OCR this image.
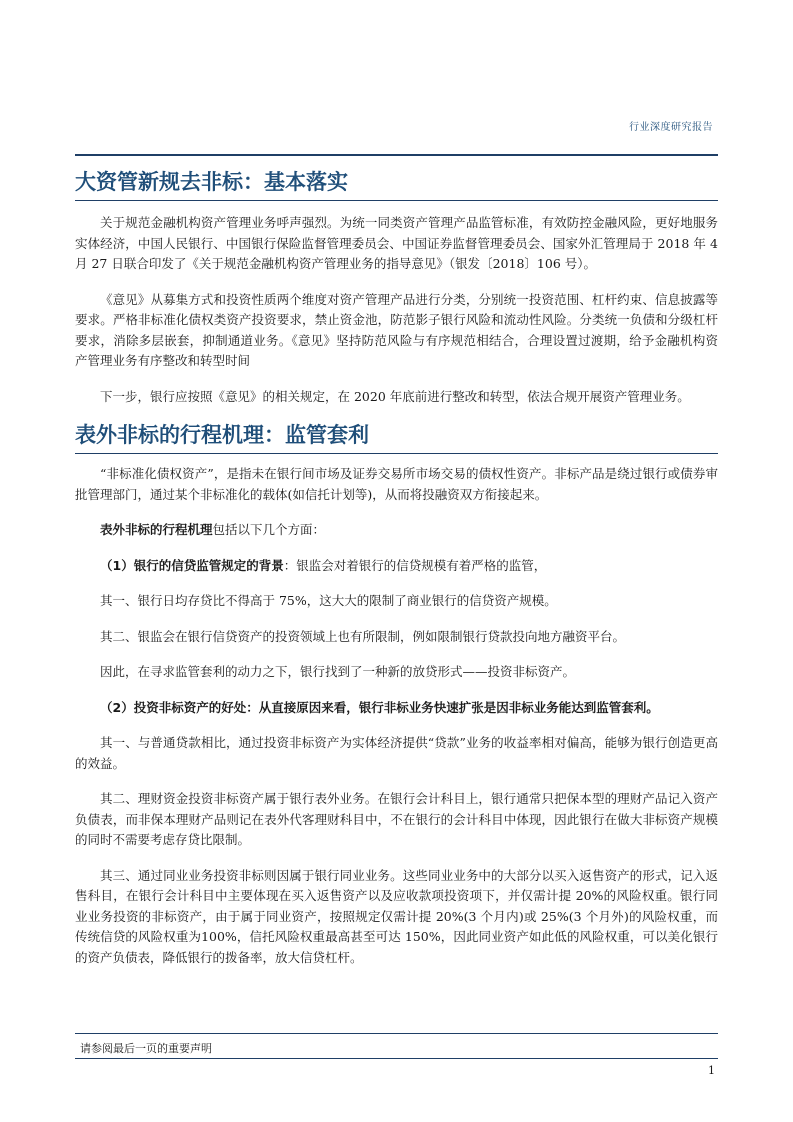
行业深度研究报告
大资管新规去非标：基本落实

关于规范金融机构资产管理业务呼声强烈。为统一同类资产管理产品监管标准，有效防控金融风险，更好地服务实体经济，中国人民银行、中国银行保险监督管理委员会、中国证券监督管理委员会、国家外汇管理局于 2018 年 4 月 27 日联合印发了《关于规范金融机构资产管理业务的指导意见》（银发〔2018〕106 号）。

《意见》从募集方式和投资性质两个维度对资产管理产品进行分类，分别统一投资范围、杠杆约束、信息披露等要求。严格非标准化债权类资产投资要求，禁止资金池，防范影子银行风险和流动性风险。分类统一负债和分级杠杆要求，消除多层嵌套，抑制通道业务。《意见》坚持防范风险与有序规范相结合，合理设置过渡期，给予金融机构资产管理业务有序整改和转型时间

下一步，银行应按照《意见》的相关规定，在 2020 年底前进行整改和转型，依法合规开展资产管理业务。

表外非标的行程机理：监管套利

“非标准化债权资产”，是指未在银行间市场及证券交易所市场交易的债权性资产。非标产品是绕过银行或债券审批管理部门，通过某个非标准化的载体(如信托计划等)，从而将投融资双方衔接起来。

表外非标的行程机理包括以下几个方面：

（1）银行的信贷监管规定的背景：银监会对着银行的信贷规模有着严格的监管，

其一、银行日均存贷比不得高于 75%，这大大的限制了商业银行的信贷资产规模。

其二、银监会在银行信贷资产的投资领域上也有所限制，例如限制银行贷款投向地方融资平台。

因此，在寻求监管套利的动力之下，银行找到了一种新的放贷形式——投资非标资产。

（2）投资非标资产的好处：从直接原因来看，银行非标业务快速扩张是因非标业务能达到监管套利。

其一、与普通贷款相比，通过投资非标资产为实体经济提供“贷款”业务的收益率相对偏高，能够为银行创造更高的效益。

其二、理财资金投资非标资产属于银行表外业务。在银行会计科目上，银行通常只把保本型的理财产品记入资产负债表，而非保本理财产品则记在表外代客理财科目中，不在银行的会计科目中体现，因此银行在做大非标资产规模的同时不需要考虑存贷比限制。

其三、通过同业业务投资非标则因属于银行同业业务。这些同业业务中的大部分以买入返售资产的形式，记入返售科目，在银行会计科目中主要体现在买入返售资产以及应收款项投资项下，并仅需计提 20%的风险权重。银行同业业务投资的非标资产，由于属于同业资产，按照规定仅需计提 20%(3 个月内)或 25%(3 个月外)的风险权重，而传统信贷的风险权重为100%，信托风险权重最高甚至可达 150%，因此同业资产如此低的风险权重，可以美化银行的资产负债表，降低银行的拨备率，放大信贷杠杆。

请参阅最后一页的重要声明
1
